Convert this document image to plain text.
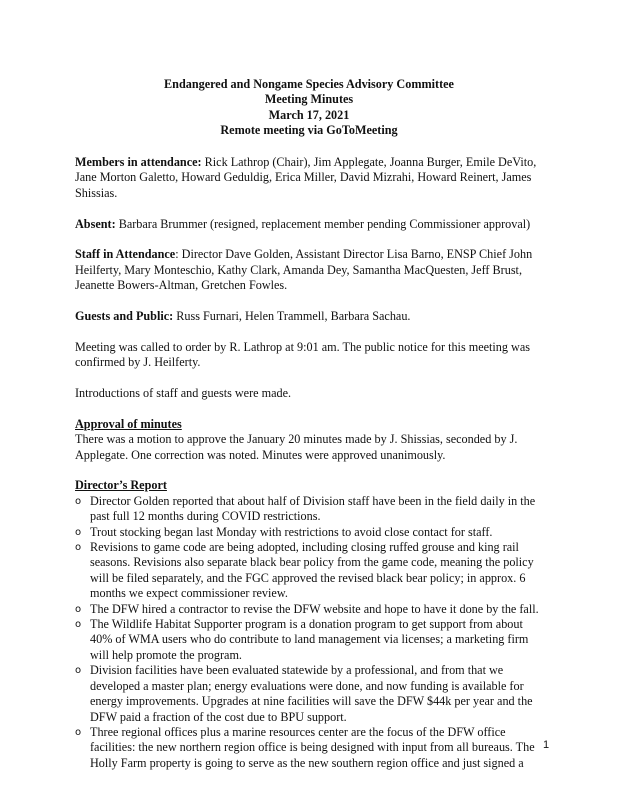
Endangered and Nongame Species Advisory Committee
Meeting Minutes
March 17, 2021
Remote meeting via GoToMeeting

Members in attendance: Rick Lathrop (Chair), Jim Applegate, Joanna Burger, Emile DeVito, Jane Morton Galetto, Howard Geduldig, Erica Miller, David Mizrahi, Howard Reinert, James Shissias.

Absent: Barbara Brummer (resigned, replacement member pending Commissioner approval)

Staff in Attendance: Director Dave Golden, Assistant Director Lisa Barno, ENSP Chief John Heilferty, Mary Monteschio, Kathy Clark, Amanda Dey, Samantha MacQuesten, Jeff Brust, Jeanette Bowers-Altman, Gretchen Fowles.

Guests and Public: Russ Furnari, Helen Trammell, Barbara Sachau.

Meeting was called to order by R. Lathrop at 9:01 am. The public notice for this meeting was confirmed by J. Heilferty.

Introductions of staff and guests were made.

Approval of minutes
There was a motion to approve the January 20 minutes made by J. Shissias, seconded by J. Applegate. One correction was noted. Minutes were approved unanimously.
Director’s Report
o Director Golden reported that about half of Division staff have been in the field daily in the past full 12 months during COVID restrictions.
o Trout stocking began last Monday with restrictions to avoid close contact for staff.
o Revisions to game code are being adopted, including closing ruffed grouse and king rail seasons. Revisions also separate black bear policy from the game code, meaning the policy will be filed separately, and the FGC approved the revised black bear policy; in approx. 6 months we expect commissioner review.
o The DFW hired a contractor to revise the DFW website and hope to have it done by the fall.
o The Wildlife Habitat Supporter program is a donation program to get support from about 40% of WMA users who do contribute to land management via licenses; a marketing firm will help promote the program.
o Division facilities have been evaluated statewide by a professional, and from that we developed a master plan; energy evaluations were done, and now funding is available for energy improvements. Upgrades at nine facilities will save the DFW $44k per year and the DFW paid a fraction of the cost due to BPU support.
o Three regional offices plus a marine resources center are the focus of the DFW office facilities: the new northern region office is being designed with input from all bureaus. The Holly Farm property is going to serve as the new southern region office and just signed a
1
